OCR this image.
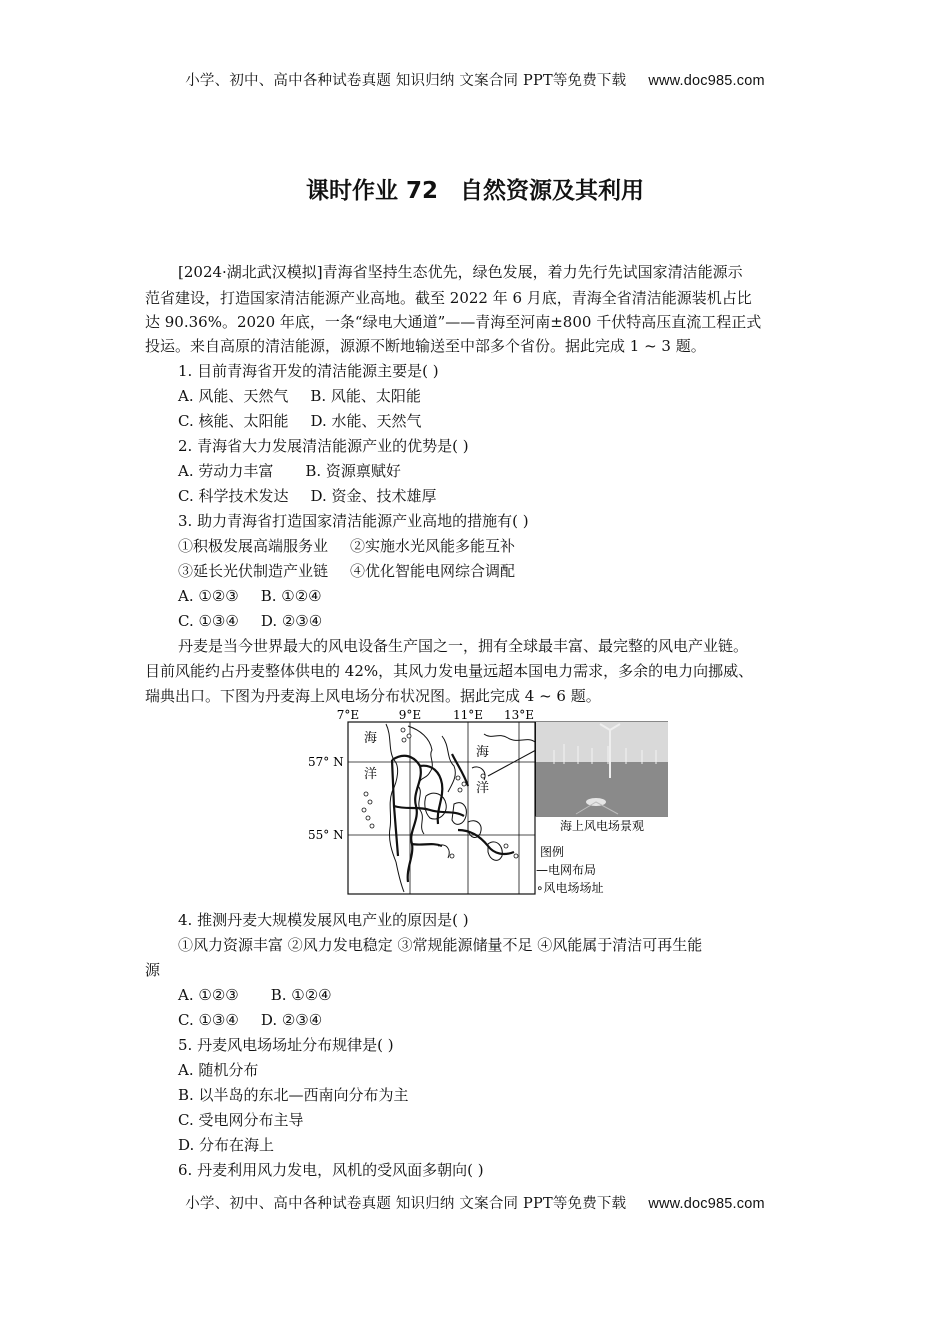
小学、初中、高中各种试卷真题 知识归纳 文案合同 PPT等免费下载 www.doc985.com
课时作业 72 自然资源及其利用
[2024·湖北武汉模拟]青海省坚持生态优先，绿色发展，着力先行先试国家清洁能源示
范省建设，打造国家清洁能源产业高地。截至 2022 年 6 月底，青海全省清洁能源装机占比
达 90.36%。2020 年底，一条“绿电大通道”——青海至河南±800 千伏特高压直流工程正式
投运。来自高原的清洁能源，源源不断地输送至中部多个省份。据此完成 1 ~ 3 题。
1. 目前青海省开发的清洁能源主要是( )
A. 风能、天然气 B. 风能、太阳能
C. 核能、太阳能 D. 水能、天然气
2. 青海省大力发展清洁能源产业的优势是( )
A. 劳动力丰富 B. 资源禀赋好
C. 科学技术发达 D. 资金、技术雄厚
3. 助力青海省打造国家清洁能源产业高地的措施有( )
①积极发展高端服务业 ②实施水光风能多能互补
③延长光伏制造产业链 ④优化智能电网综合调配
A. ①②③ B. ①②④
C. ①③④ D. ②③④
丹麦是当今世界最大的风电设备生产国之一，拥有全球最丰富、最完整的风电产业链。
目前风能约占丹麦整体供电的 42%，其风力发电量远超本国电力需求，多余的电力向挪威、
瑞典出口。下图为丹麦海上风电场分布状况图。据此完成 4 ~ 6 题。
7°E	9°E	11°E 13°E
57° N
55° N
海
洋
海
洋
海上风电场景观
图例
—电网布局
∘风电场场址
4. 推测丹麦大规模发展风电产业的原因是( )
①风力资源丰富 ②风力发电稳定 ③常规能源储量不足 ④风能属于清洁可再生能
源
A. ①②③ B. ①②④
C. ①③④ D. ②③④
5. 丹麦风电场场址分布规律是( )
A. 随机分布
B. 以半岛的东北—西南向分布为主
C. 受电网分布主导
D. 分布在海上
6. 丹麦利用风力发电，风机的受风面多朝向( )
小学、初中、高中各种试卷真题 知识归纳 文案合同 PPT等免费下载 www.doc985.com
